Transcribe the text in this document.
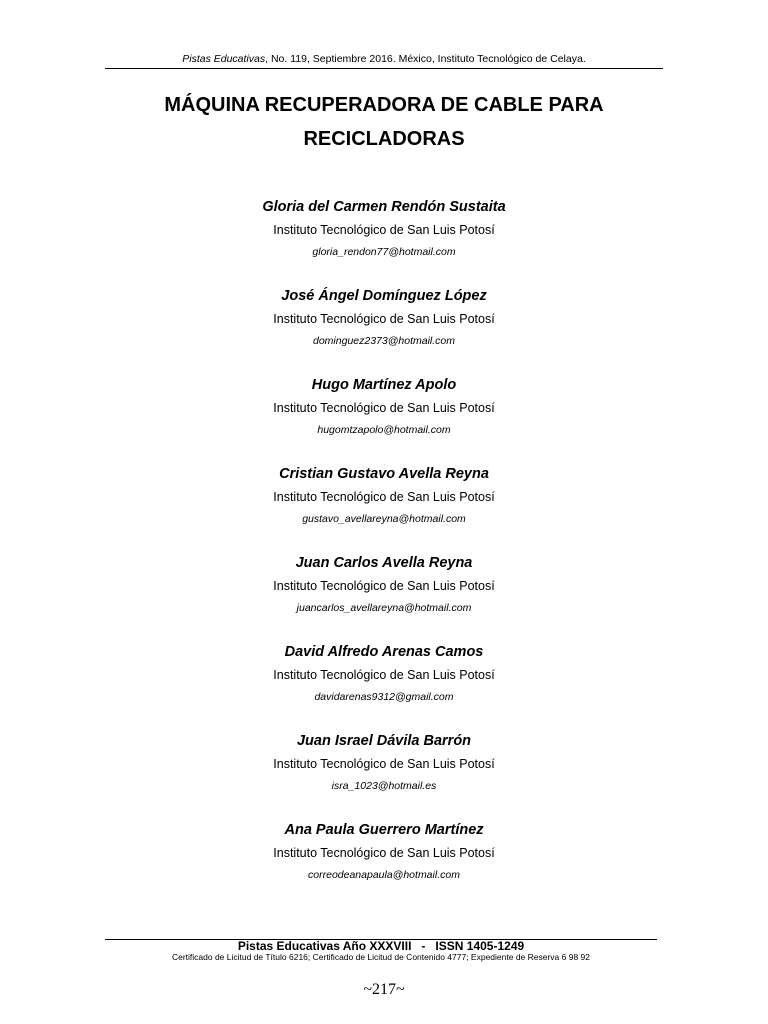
Pistas Educativas, No. 119, Septiembre 2016. México, Instituto Tecnológico de Celaya.
MÁQUINA RECUPERADORA DE CABLE PARA
RECICLADORAS
Gloria del Carmen Rendón Sustaita
Instituto Tecnológico de San Luis Potosí
gloria_rendon77@hotmail.com
José Ángel Domínguez López
Instituto Tecnológico de San Luis Potosí
dominguez2373@hotmail.com
Hugo Martínez Apolo
Instituto Tecnológico de San Luis Potosí
hugomtzapolo@hotmail.com
Cristian Gustavo Avella Reyna
Instituto Tecnológico de San Luis Potosí
gustavo_avellareyna@hotmail.com
Juan Carlos Avella Reyna
Instituto Tecnológico de San Luis Potosí
juancarlos_avellareyna@hotmail.com
David Alfredo Arenas Camos
Instituto Tecnológico de San Luis Potosí
davidarenas9312@gmail.com
Juan Israel Dávila Barrón
Instituto Tecnológico de San Luis Potosí
isra_1023@hotmail.es
Ana Paula Guerrero Martínez
Instituto Tecnológico de San Luis Potosí
correodeanapaula@hotmail.com
Pistas Educativas Año XXXVIII   -   ISSN 1405-1249
Certificado de Licitud de Título 6216; Certificado de Licitud de Contenido 4777; Expediente de Reserva 6 98 92
~217~
